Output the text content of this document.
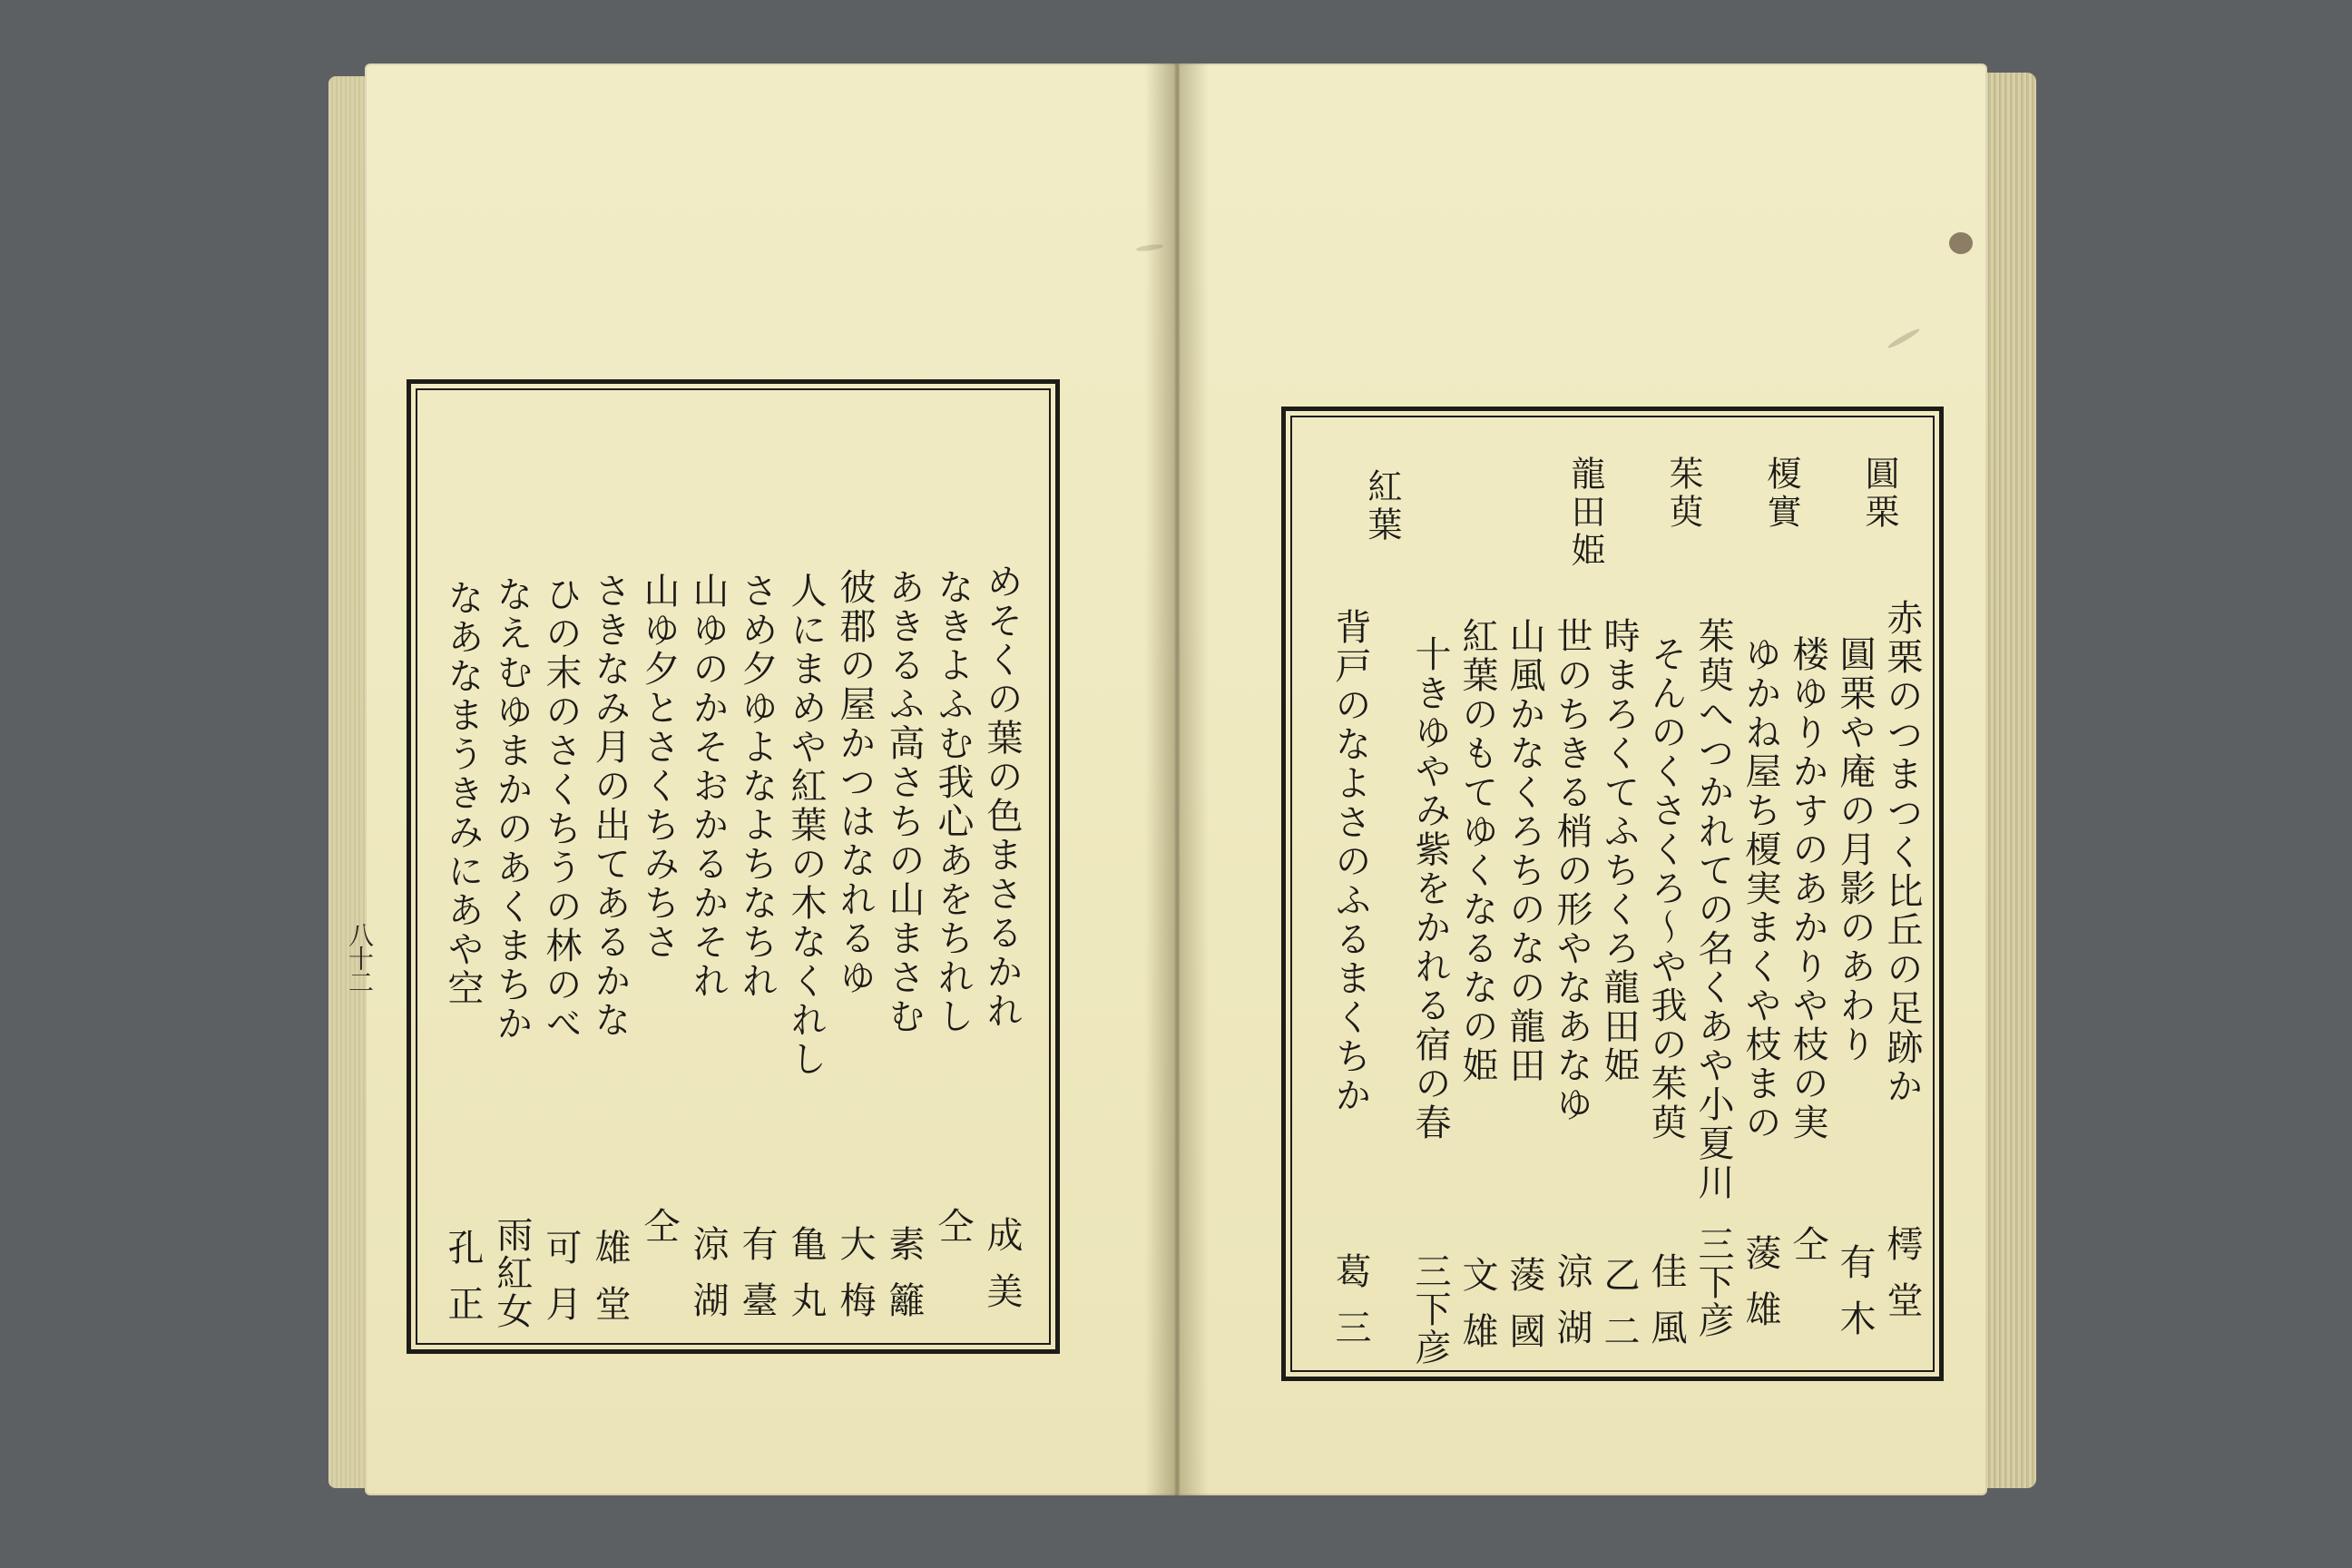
八十二	めそくの葉の色まさるかれ
なきよふむ我心あをちれし
あきるふ高さちの山まさむ
彼郡の屋かつはなれるゆ
人にまめや紅葉の木なくれし
さめ夕ゆよなよちなちれ
山ゆのかそおかるかそれ
山ゆ夕とさくちみちさ
さきなみ月の出てあるかな
ひの末のさくちうの林のべ
なえむゆまかのあくまちか
なあなまうきみにあや空
成美
仝
素籬
大梅
亀丸
有臺
涼湖
仝
雄堂
可月
雨紅女
孔正
圓栗
榎實
茱萸
龍田姫
紅葉
赤栗のつまつく比丘の足跡か
圓栗や庵の月影のあわり
楼ゆりかすのあかりや枝の実
ゆかね屋ち榎実まくや枝まの
茱萸へつかれての名くあや小夏川
そんのくさくろ〜や我の茱萸
時まろくてふちくろ龍田姫
世のちきる梢の形やなあなゆ
山風かなくろちのなの龍田
紅葉のもてゆくなるなの姫
十きゆやみ紫をかれる宿の春
背戸のなよさのふるまくちか
樗堂
有木
仝
蔆雄
三下彦
佳風
乙二
涼湖
蔆國
文雄
三下彦
葛三
